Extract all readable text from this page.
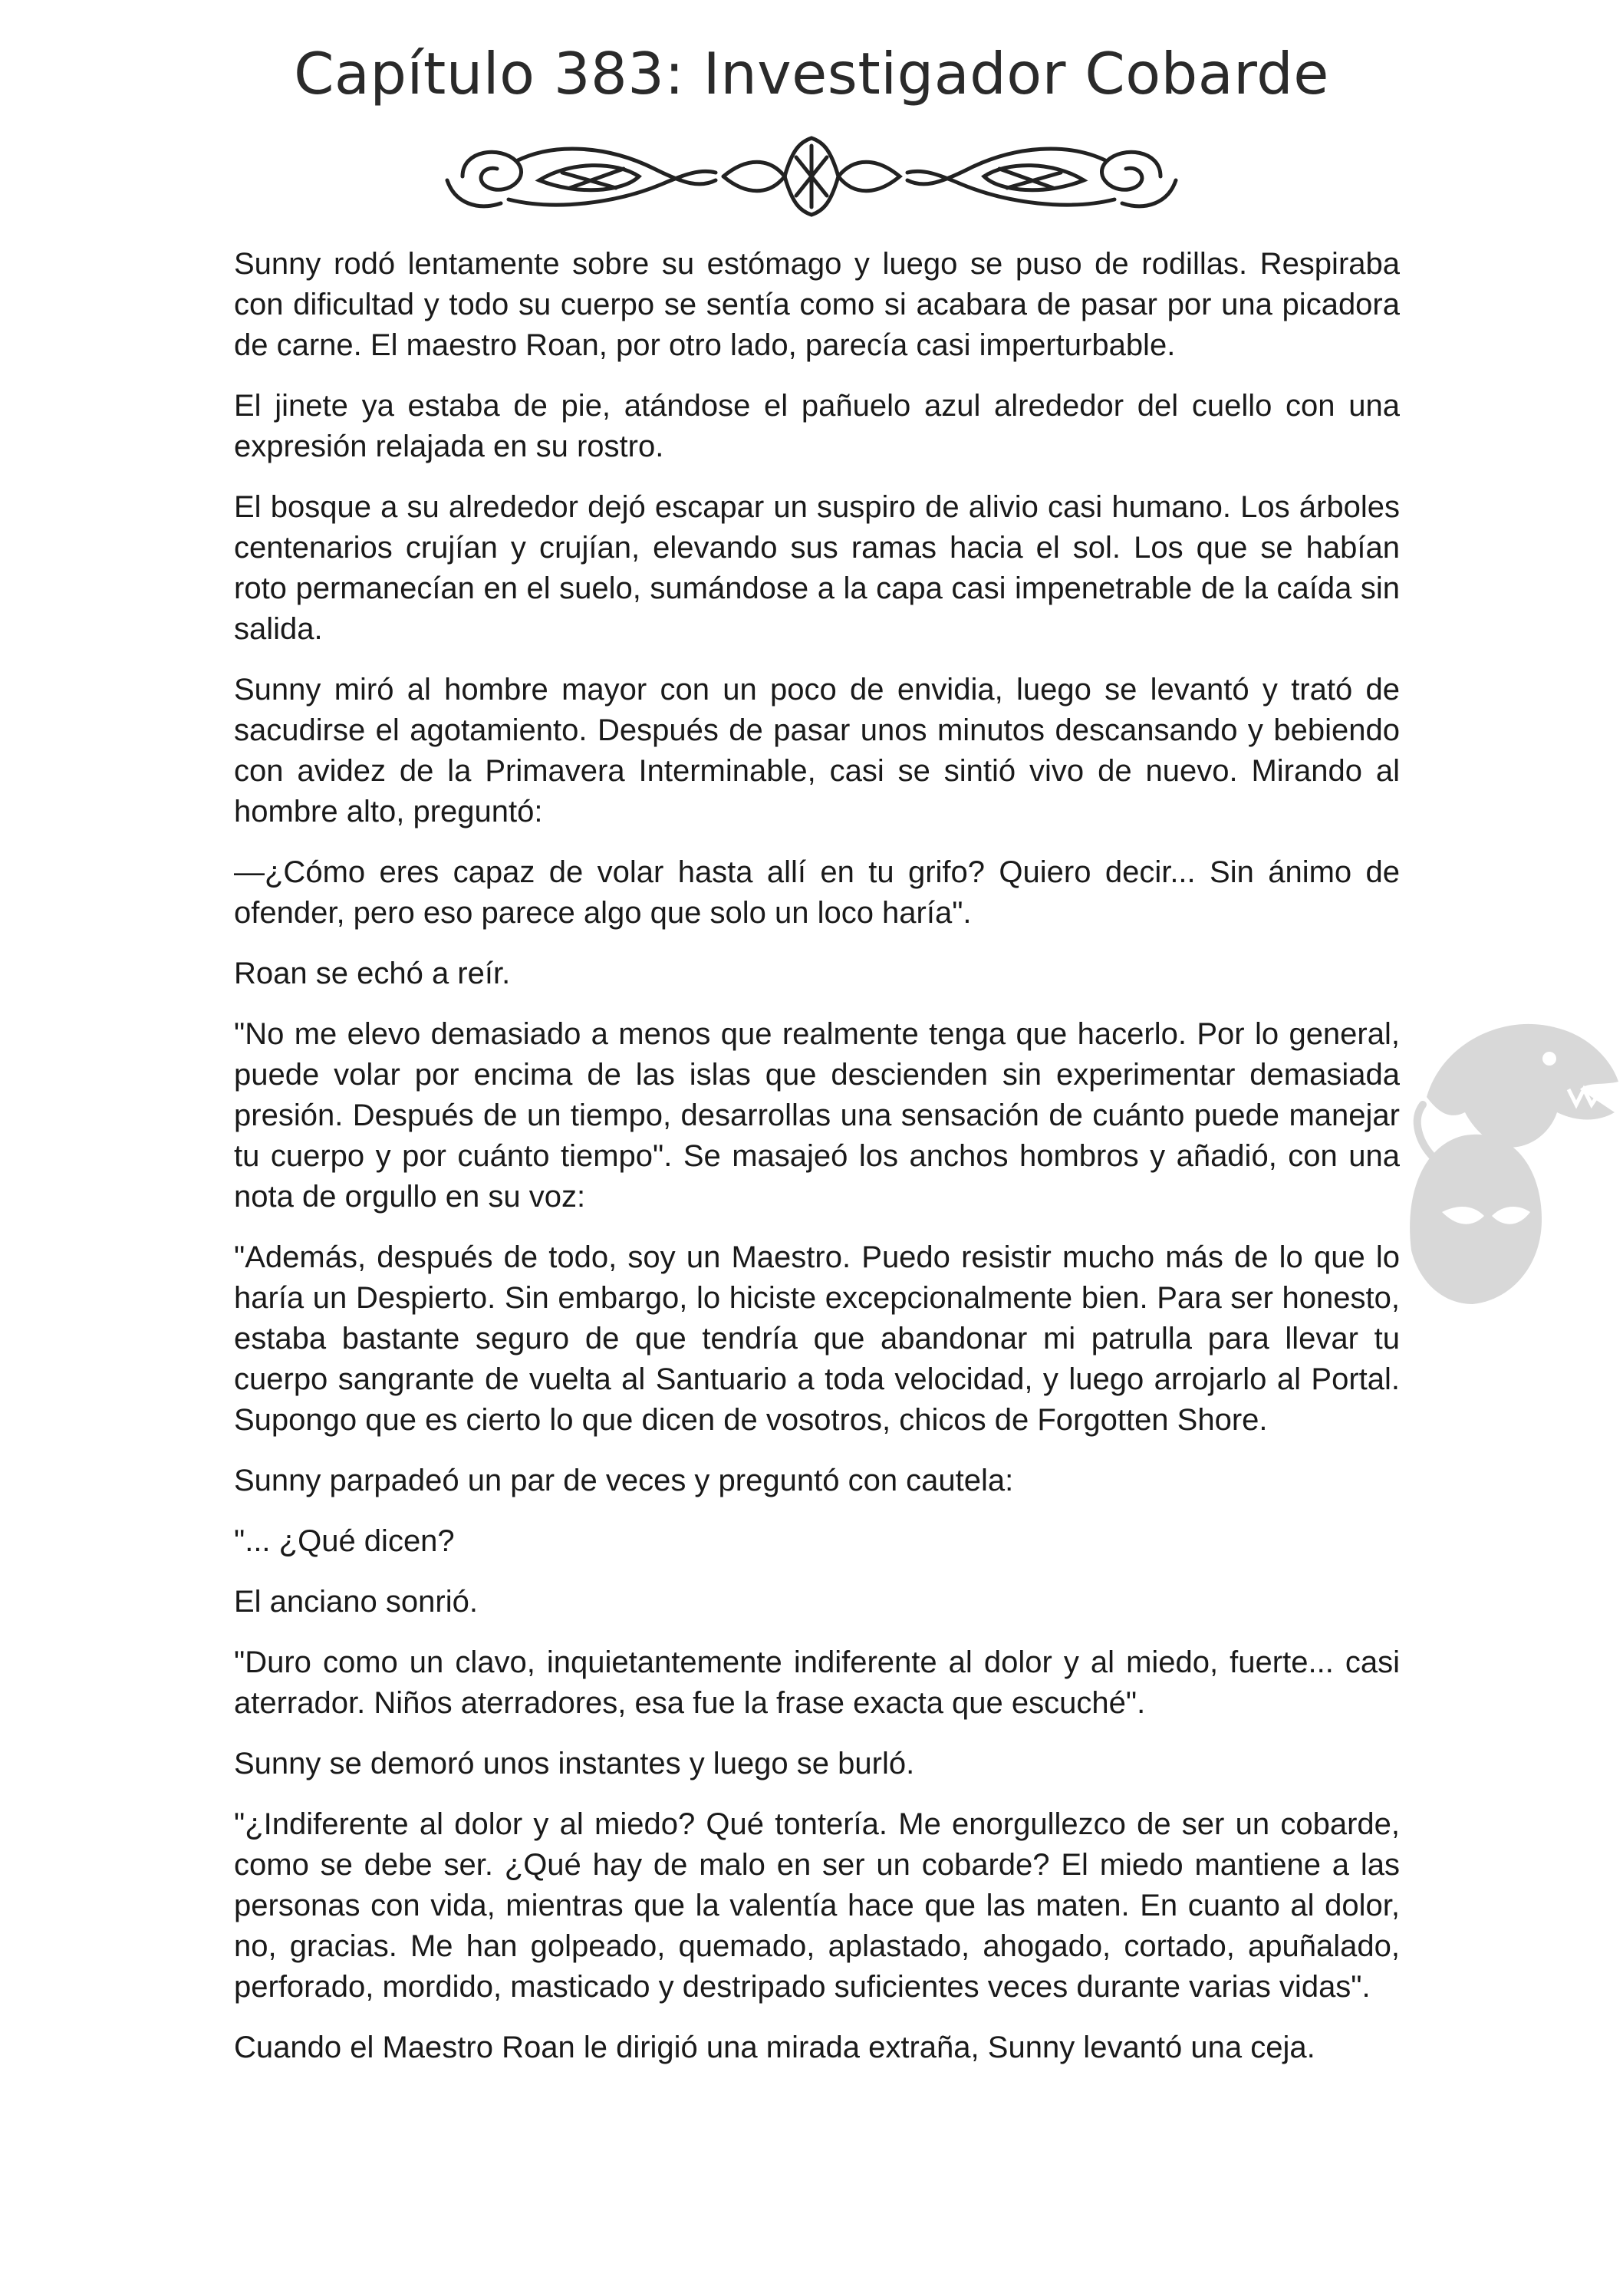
Capítulo 383: Investigador Cobarde

Sunny rodó lentamente sobre su estómago y luego se puso de rodillas. Respiraba con dificultad y todo su cuerpo se sentía como si acabara de pasar por una picadora de carne. El maestro Roan, por otro lado, parecía casi imperturbable.

El jinete ya estaba de pie, atándose el pañuelo azul alrededor del cuello con una expresión relajada en su rostro.

El bosque a su alrededor dejó escapar un suspiro de alivio casi humano. Los árboles centenarios crujían y crujían, elevando sus ramas hacia el sol. Los que se habían roto permanecían en el suelo, sumándose a la capa casi impenetrable de la caída sin salida.

Sunny miró al hombre mayor con un poco de envidia, luego se levantó y trató de sacudirse el agotamiento. Después de pasar unos minutos descansando y bebiendo con avidez de la Primavera Interminable, casi se sintió vivo de nuevo. Mirando al hombre alto, preguntó:

—¿Cómo eres capaz de volar hasta allí en tu grifo? Quiero decir... Sin ánimo de ofender, pero eso parece algo que solo un loco haría".

Roan se echó a reír.

"No me elevo demasiado a menos que realmente tenga que hacerlo. Por lo general, puede volar por encima de las islas que descienden sin experimentar demasiada presión. Después de un tiempo, desarrollas una sensación de cuánto puede manejar tu cuerpo y por cuánto tiempo". Se masajeó los anchos hombros y añadió, con una nota de orgullo en su voz:

"Además, después de todo, soy un Maestro. Puedo resistir mucho más de lo que lo haría un Despierto. Sin embargo, lo hiciste excepcionalmente bien. Para ser honesto, estaba bastante seguro de que tendría que abandonar mi patrulla para llevar tu cuerpo sangrante de vuelta al Santuario a toda velocidad, y luego arrojarlo al Portal. Supongo que es cierto lo que dicen de vosotros, chicos de Forgotten Shore.

Sunny parpadeó un par de veces y preguntó con cautela:

"... ¿Qué dicen?

El anciano sonrió.

"Duro como un clavo, inquietantemente indiferente al dolor y al miedo, fuerte... casi aterrador. Niños aterradores, esa fue la frase exacta que escuché".

Sunny se demoró unos instantes y luego se burló.

"¿Indiferente al dolor y al miedo? Qué tontería. Me enorgullezco de ser un cobarde, como se debe ser. ¿Qué hay de malo en ser un cobarde? El miedo mantiene a las personas con vida, mientras que la valentía hace que las maten. En cuanto al dolor, no, gracias. Me han golpeado, quemado, aplastado, ahogado, cortado, apuñalado, perforado, mordido, masticado y destripado suficientes veces durante varias vidas".

Cuando el Maestro Roan le dirigió una mirada extraña, Sunny levantó una ceja.
